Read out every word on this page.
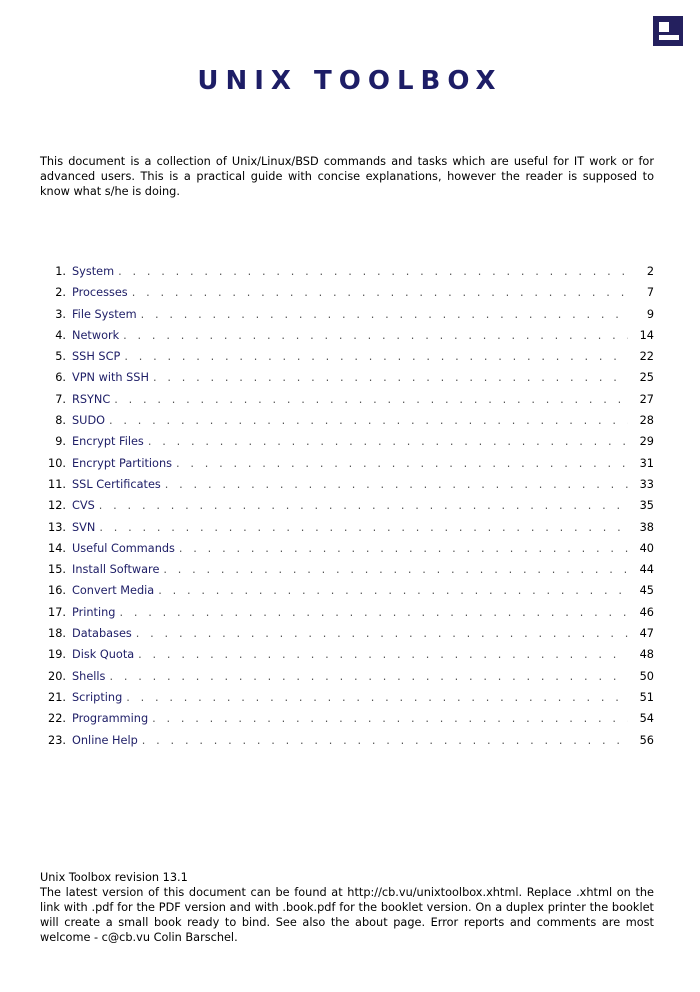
UNIX TOOLBOX

This document is a collection of Unix/Linux/BSD commands and tasks which are useful for IT work or for advanced users. This is a practical guide with concise explanations, however the reader is supposed to know what s/he is doing.

1. System . . .	2
2. Processes . . .	7
3. File System . . .	9
4. Network . . .	14
5. SSH SCP . . .	22
6. VPN with SSH . . .	25
7. RSYNC . . .	27
8. SUDO . . .	28
9. Encrypt Files . . .	29
10. Encrypt Partitions . . .	31
11. SSL Certificates . . .	33
12. CVS . . .	35
13. SVN . . .	38
14. Useful Commands . . .	40
15. Install Software . . .	44
16. Convert Media . . .	45
17. Printing . . .	46
18. Databases . . .	47
19. Disk Quota . . .	48
20. Shells . . .	50
21. Scripting . . .	51
22. Programming . . .	54
23. Online Help . . .	56

Unix Toolbox revision 13.1

The latest version of this document can be found at http://cb.vu/unixtoolbox.xhtml. Replace .xhtml on the link with .pdf for the PDF version and with .book.pdf for the booklet version. On a duplex printer the booklet will create a small book ready to bind. See also the about page. Error reports and comments are most welcome - c@cb.vu Colin Barschel.
